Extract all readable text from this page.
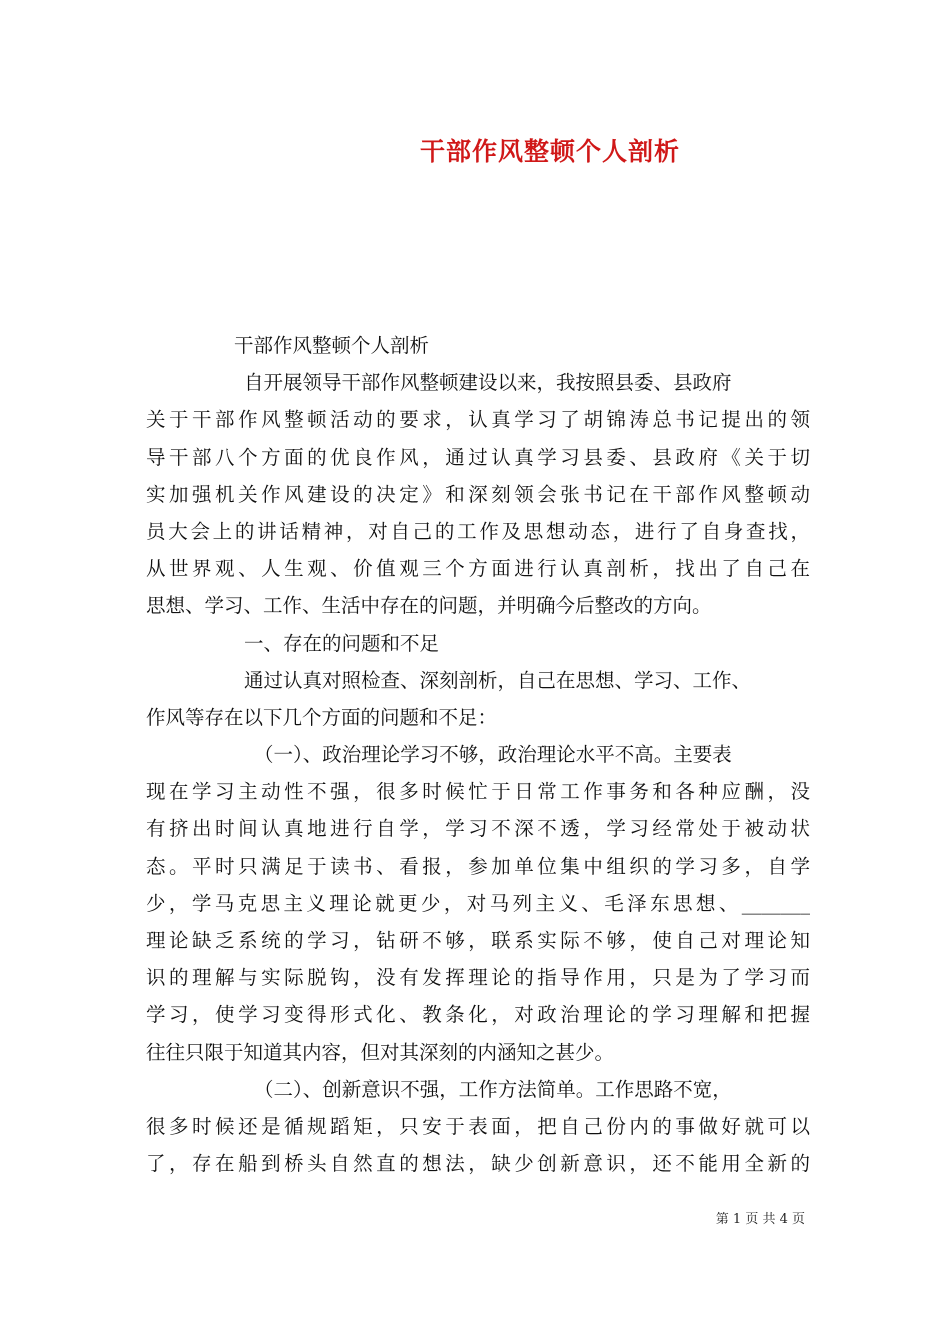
干部作风整顿个人剖析
干部作风整顿个人剖析
自开展领导干部作风整顿建设以来，我按照县委、县政府
关于干部作风整顿活动的要求，认真学习了胡锦涛总书记提出的领
导干部八个方面的优良作风，通过认真学习县委、县政府《关于切
实加强机关作风建设的决定》和深刻领会张书记在干部作风整顿动
员大会上的讲话精神，对自己的工作及思想动态，进行了自身查找，
从世界观、人生观、价值观三个方面进行认真剖析，找出了自己在
思想、学习、工作、生活中存在的问题，并明确今后整改的方向。
一、存在的问题和不足
通过认真对照检查、深刻剖析，自己在思想、学习、工作、
作风等存在以下几个方面的问题和不足：
（一）、政治理论学习不够，政治理论水平不高。主要表
现在学习主动性不强，很多时候忙于日常工作事务和各种应酬，没
有挤出时间认真地进行自学，学习不深不透，学习经常处于被动状
态。平时只满足于读书、看报，参加单位集中组织的学习多，自学
少，学马克思主义理论就更少，对马列主义、毛泽东思想、_______
理论缺乏系统的学习，钻研不够，联系实际不够，使自己对理论知
识的理解与实际脱钩，没有发挥理论的指导作用，只是为了学习而
学习，使学习变得形式化、教条化，对政治理论的学习理解和把握
往往只限于知道其内容，但对其深刻的内涵知之甚少。
（二）、创新意识不强，工作方法简单。工作思路不宽，
很多时候还是循规蹈矩，只安于表面，把自己份内的事做好就可以
了，存在船到桥头自然直的想法，缺少创新意识，还不能用全新的
第 1 页 共 4 页
